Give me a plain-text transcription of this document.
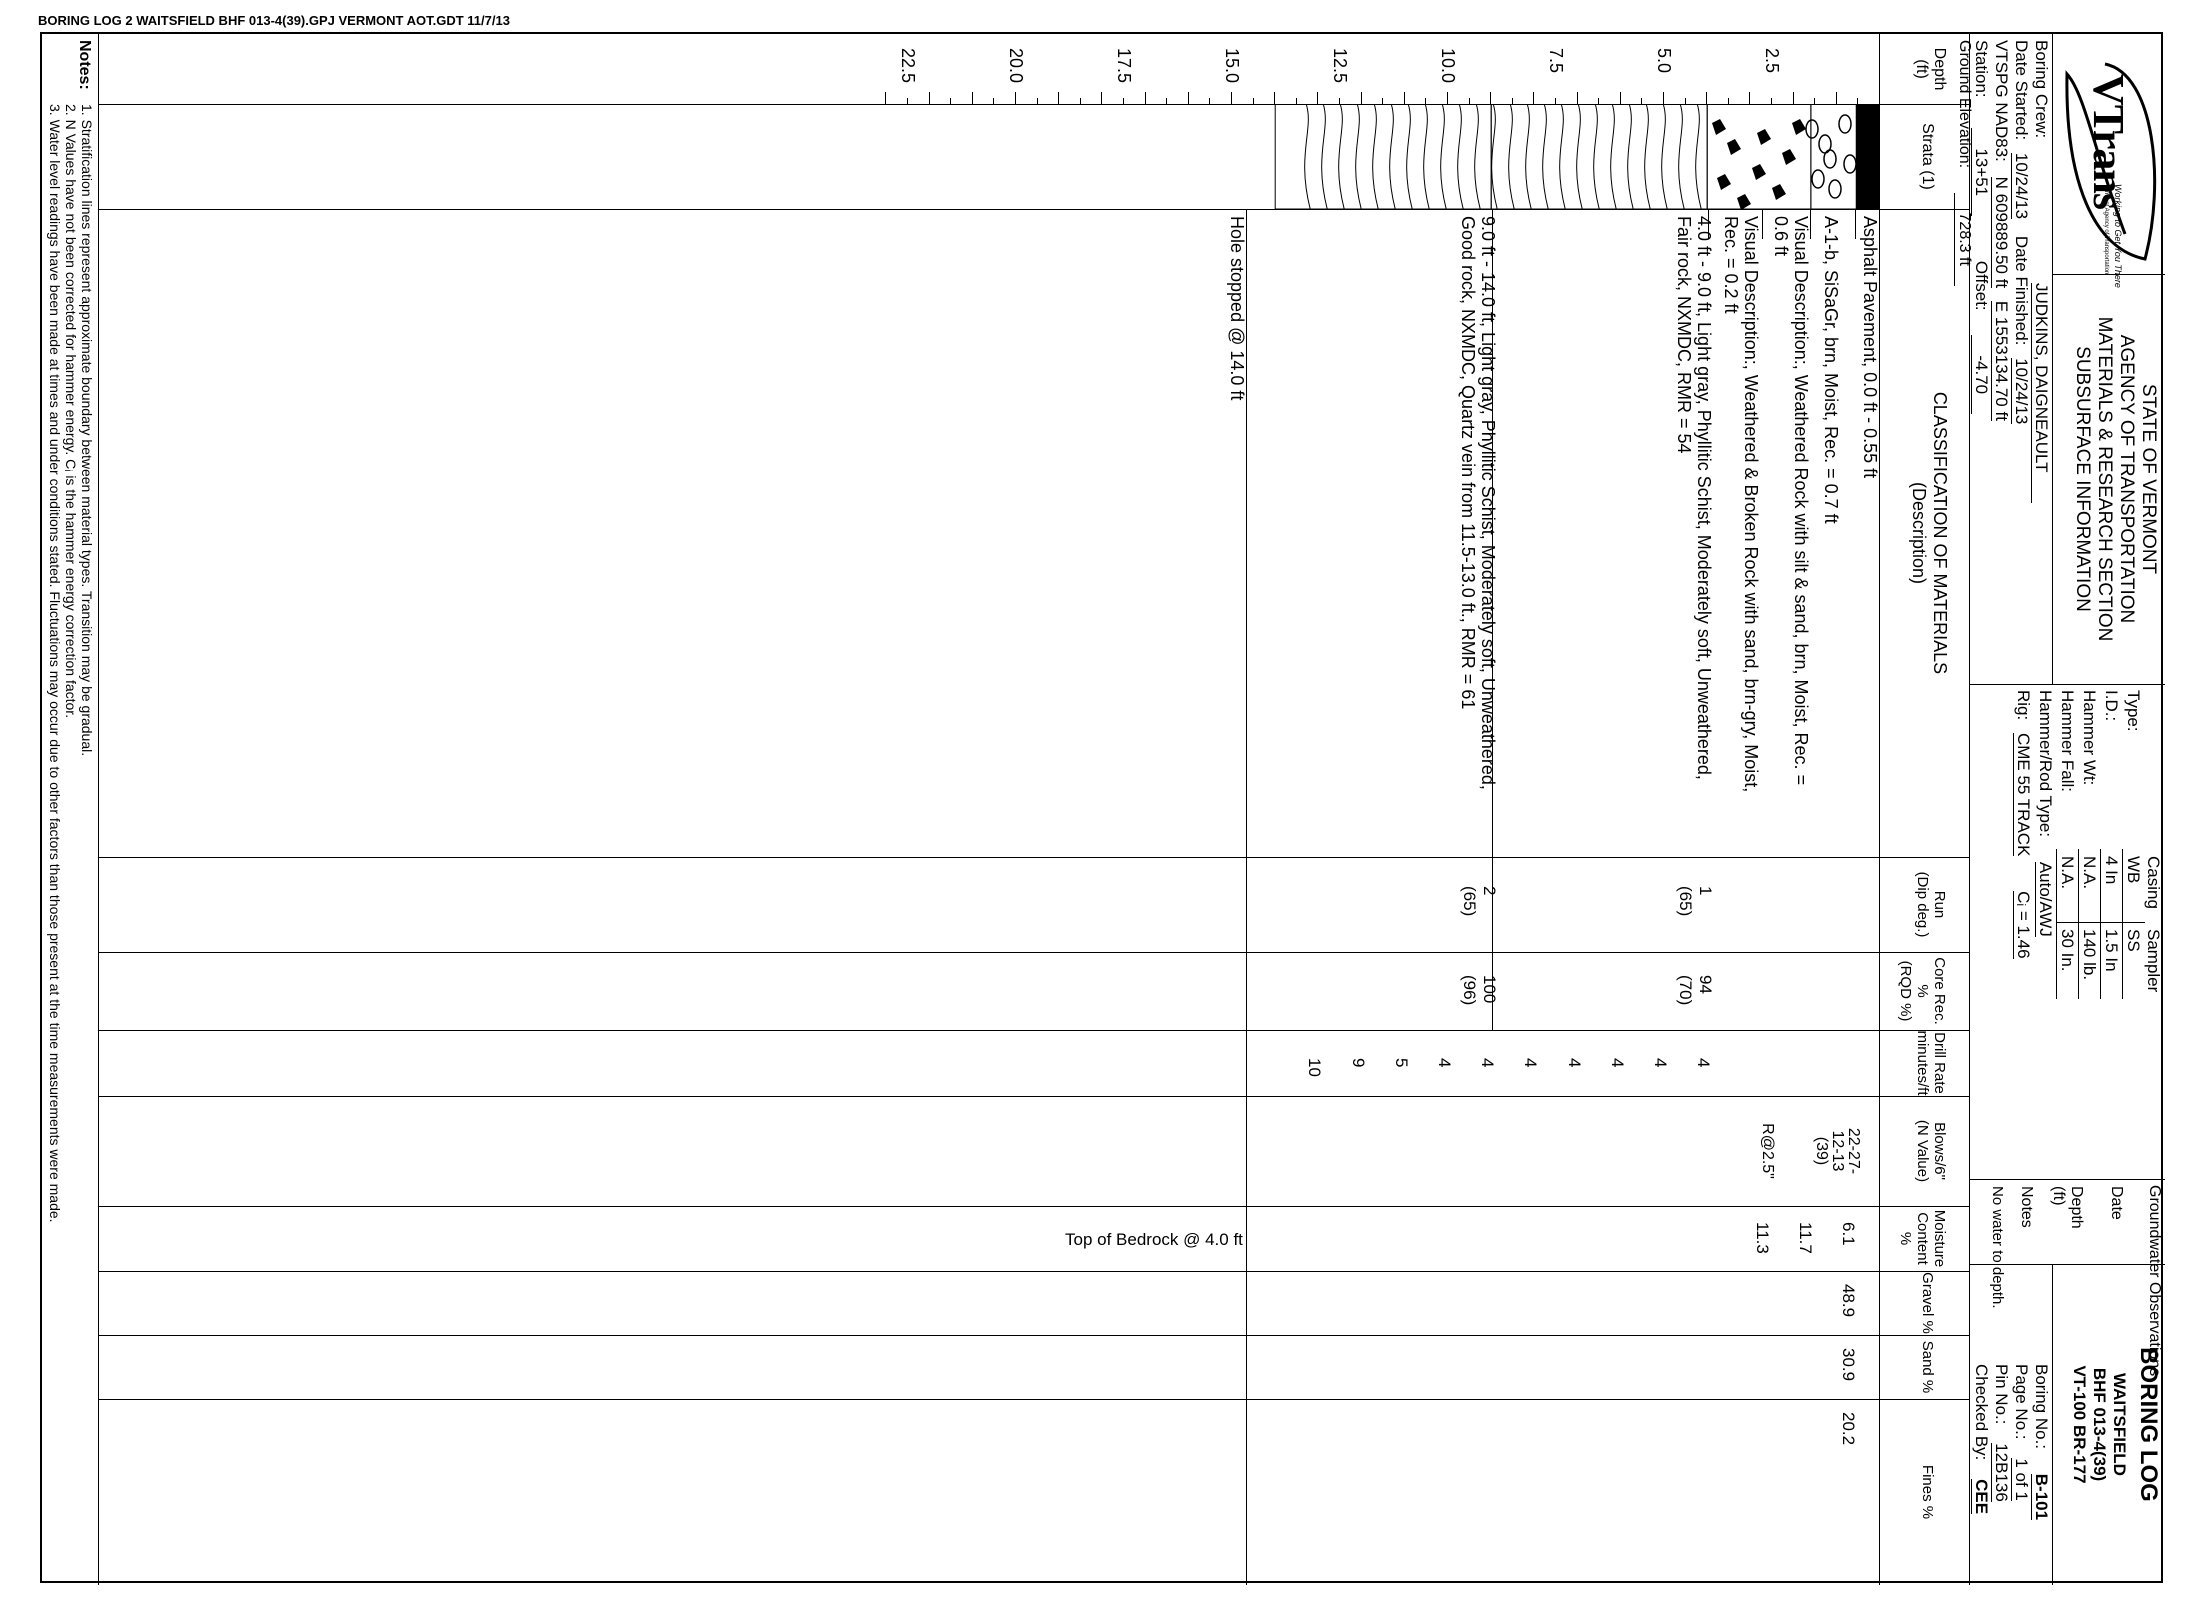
BORING LOG 2 WAITSFIELD BHF 013-4(39).GPJ VERMONT AOT.GDT 11/7/13
VTrans
Working to Get You There
Vermont Agency of Transportation
STATE OF VERMONT
AGENCY OF TRANSPORTATION
MATERIALS & RESEARCH SECTION
SUBSURFACE INFORMATION
Boring Crew: JUDKINS, DAIGNEAULT
Date Started: 10/24/13 Date Finished: 10/24/13
VTSPG NAD83: N 609889.50 ft E 1553134.70 ft
Station: 13+51 Offset: -4.70
Ground Elevation: 728.3 ft
Casing
Sampler
Type:
WB
SS
I.D.:
4 In
1.5 In
Hammer Wt:
N.A.
140 lb.
Hammer Fall:
N.A.
30 In.
Hammer/Rod Type: Auto/AWJ
Rig: CME 55 TRACK Cᵢ = 1.46
Groundwater Observations
BORING LOG
WAITSFIELD
BHF 013-4(39)
VT-100 BR-177
Boring No.: B-101
Page No.: 1 of 1
Pin No.: 12B136
Checked By: CEE
Depth
(ft)
Strata (1)
CLASSIFICATION OF MATERIALS
(Description)
Run
(Dip deg.)
Core Rec. %
(RQD %)
Drill Rate
minutes/ft
Blows/6"
(N Value)
Moisture
Content %
Gravel %
Sand %
Fines %
Top of Bedrock @ 4.0 ft
Notes:
1. Stratification lines represent approximate boundary between material types. Transition may be gradual.
2. N Values have not been corrected for hammer energy. Cᵢ is the hammer energy correction factor.
3. Water level readings have been made at times and under conditions stated. Fluctuations may occur due to other factors than those present at the time measurements were made.
2.5
5.0
7.5
10.0
12.5
15.0
17.5
20.0
22.5
Asphalt Pavement, 0.0 ft - 0.55 ft
A-1-b, SiSaGr, brn, Moist, Rec. = 0.7 ft
Visual Description:, Weathered Rock with silt & sand, brn, Moist, Rec. =
0.6 ft
Visual Description:, Weathered & Broken Rock with sand, brn-gry, Moist,
Rec. = 0.2 ft
4.0 ft - 9.0 ft, Light gray, Phyllitic Schist, Moderately soft, Unweathered,
Fair rock, NXMDC, RMR = 54
9.0 ft - 14.0 ft, Light gray, Phyllitic Schist, Moderately soft, Unweathered,
Good rock, NXMDC, Quartz vein from 11.5-13.0 ft., RMR = 61
Hole stopped @ 14.0 ft
1
(65)
94
(70)
2
(65)
100
(96)
4
4
4
4
4
4
4
5
9
10
22-27-
12-13
(39)
6.1
48.9
30.9
20.2
11.7
R@2.5"
11.3
Date
Depth
(ft)
Notes
No water to depth.
